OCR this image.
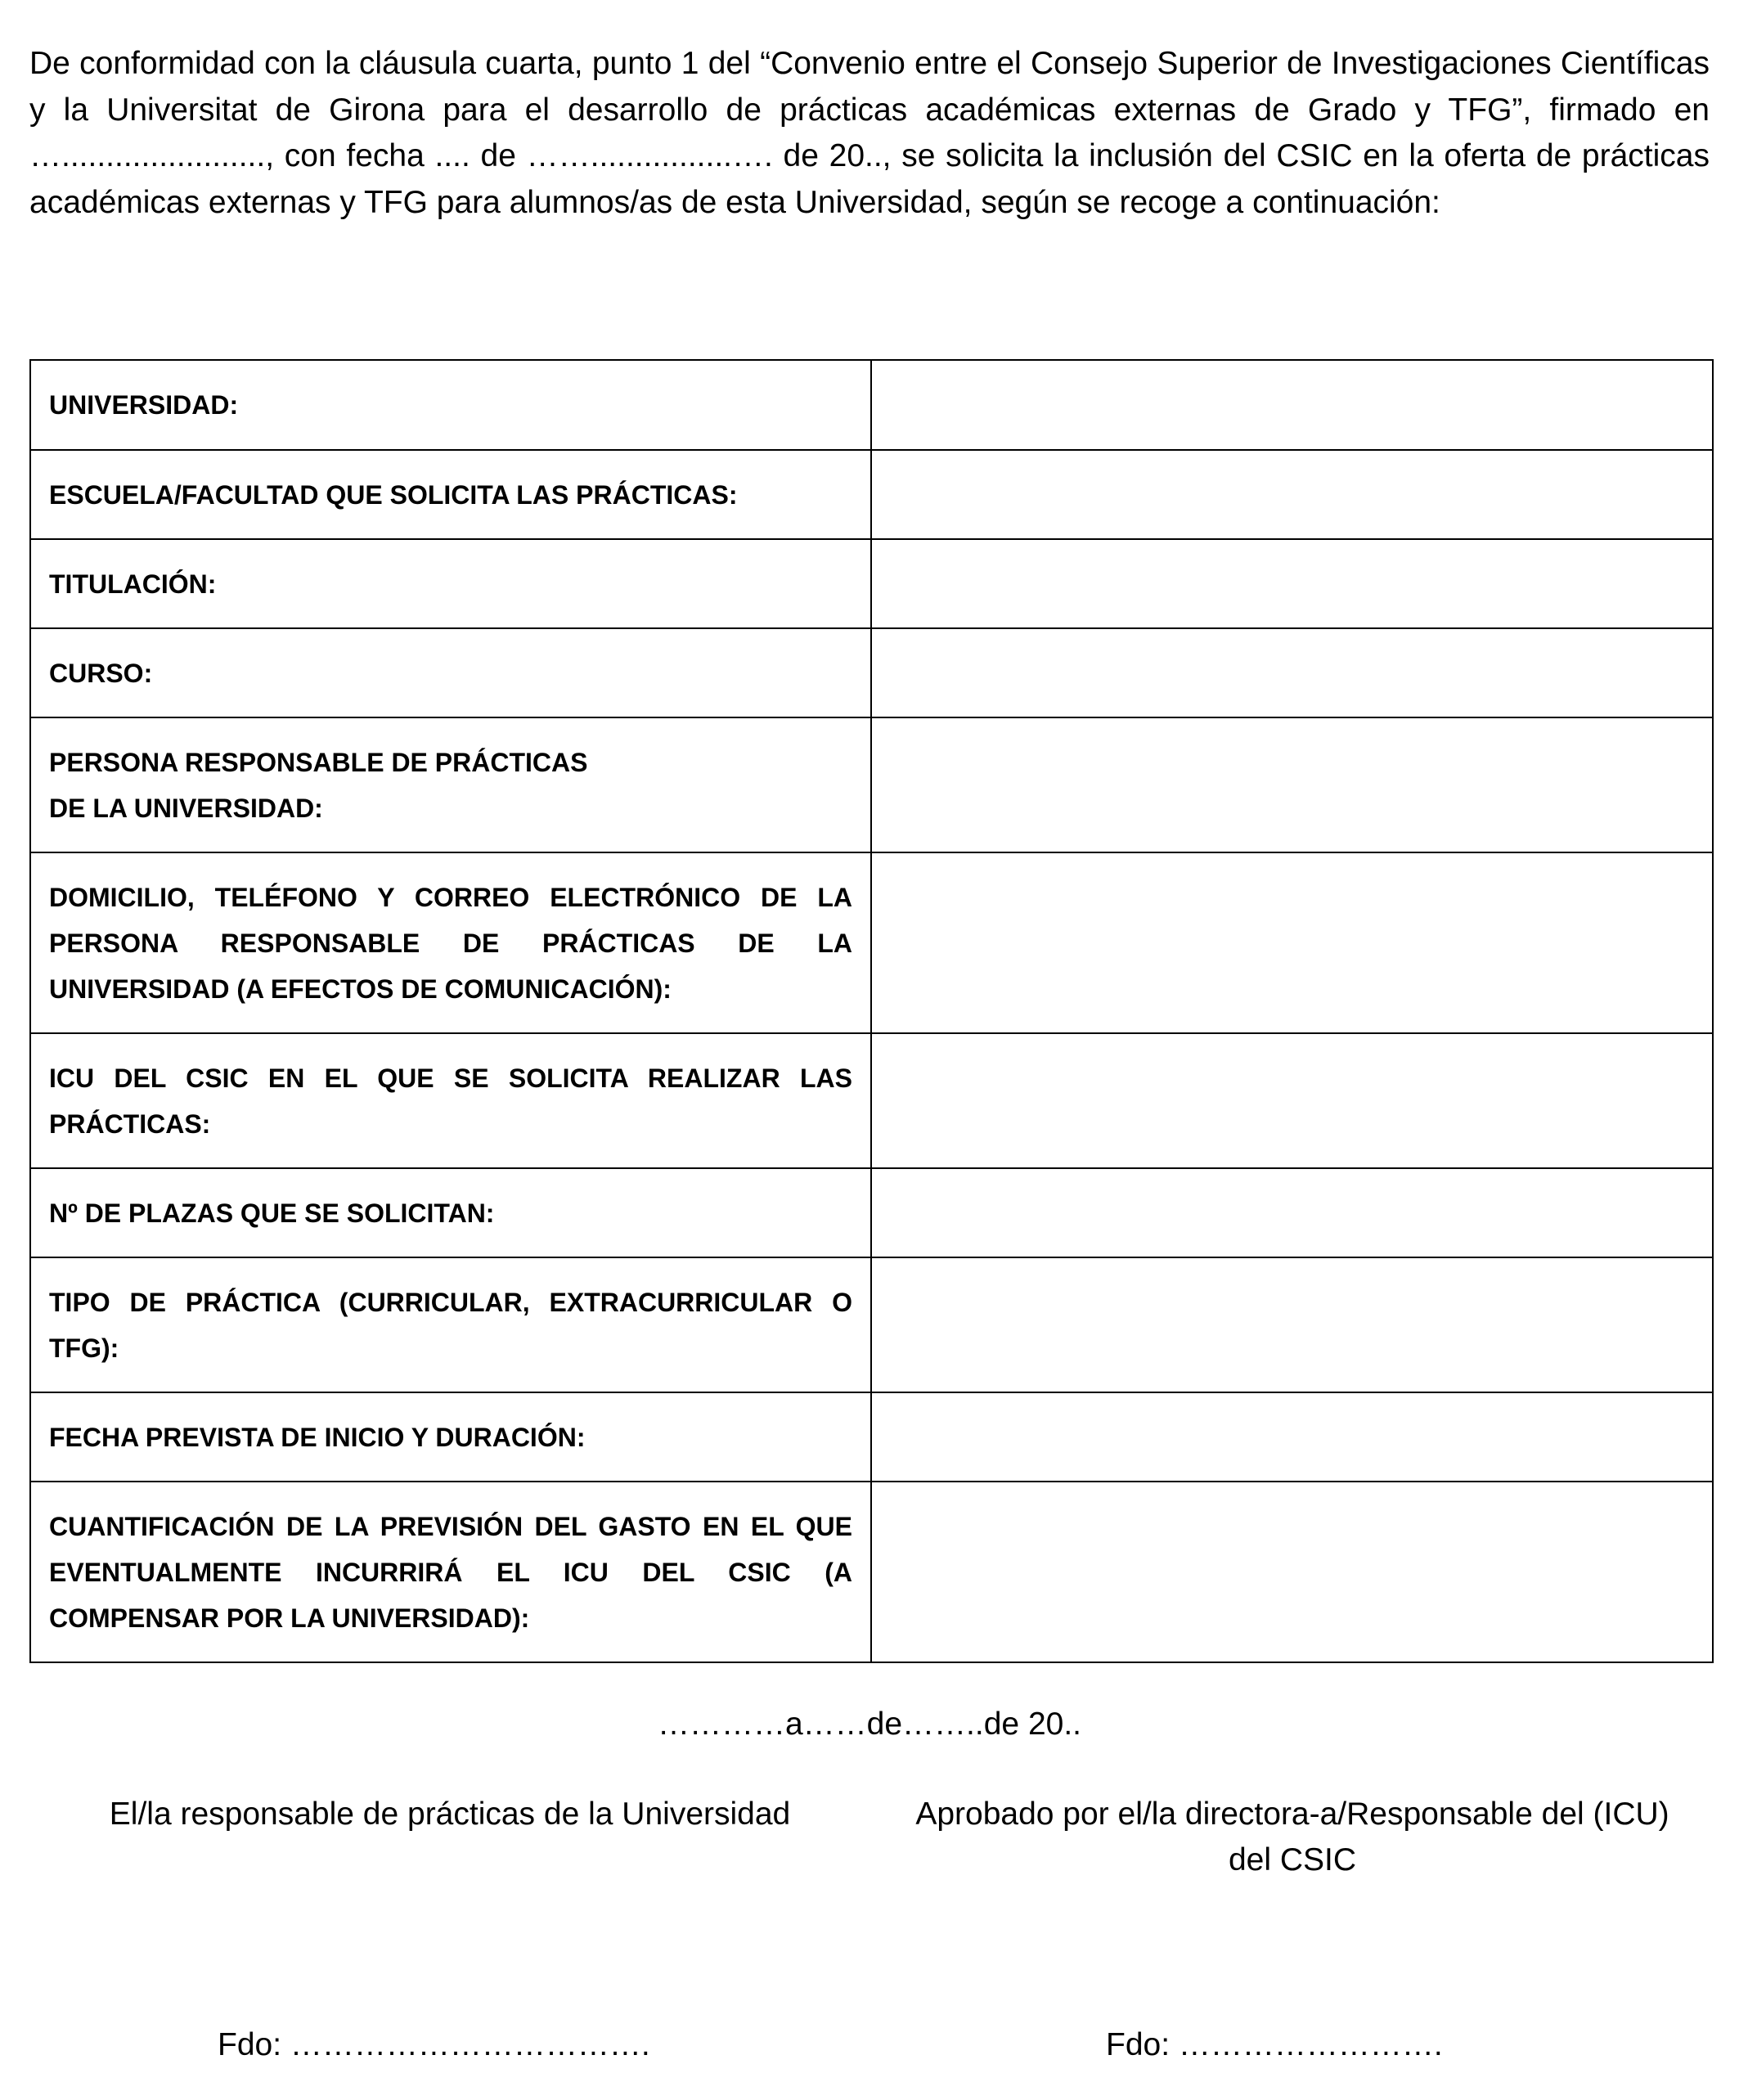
De conformidad con la cláusula cuarta, punto 1 del “Convenio entre el Consejo Superior de Investigaciones Científicas y la Universitat de Girona para el desarrollo de prácticas académicas externas de Grado y TFG”, firmado en …......................., con fecha .... de ……................…. de 20.., se solicita la inclusión del CSIC en la oferta de prácticas académicas externas y TFG para alumnos/as de esta Universidad, según se recoge a continuación:

UNIVERSIDAD:	
ESCUELA/FACULTAD QUE SOLICITA LAS PRÁCTICAS:	
TITULACIÓN:	
CURSO:	
PERSONA RESPONSABLE DE PRÁCTICAS
DE LA UNIVERSIDAD:	
DOMICILIO, TELÉFONO Y CORREO ELECTRÓNICO DE LA PERSONA RESPONSABLE DE PRÁCTICAS DE LA UNIVERSIDAD (A EFECTOS DE COMUNICACIÓN):	
ICU DEL CSIC EN EL QUE SE SOLICITA REALIZAR LAS PRÁCTICAS:	
Nº DE PLAZAS QUE SE SOLICITAN:	
TIPO DE PRÁCTICA (CURRICULAR, EXTRACURRICULAR O TFG):	
FECHA PREVISTA DE INICIO Y DURACIÓN:	
CUANTIFICACIÓN DE LA PREVISIÓN DEL GASTO EN EL QUE EVENTUALMENTE INCURRIRÁ EL ICU DEL CSIC (A COMPENSAR POR LA UNIVERSIDAD):	
…………a……de……..de 20..
El/la responsable de prácticas de la Universidad	Aprobado por el/la directora-a/Responsable del (ICU) del CSIC
Fdo: …………………………….	Fdo: …………………….
